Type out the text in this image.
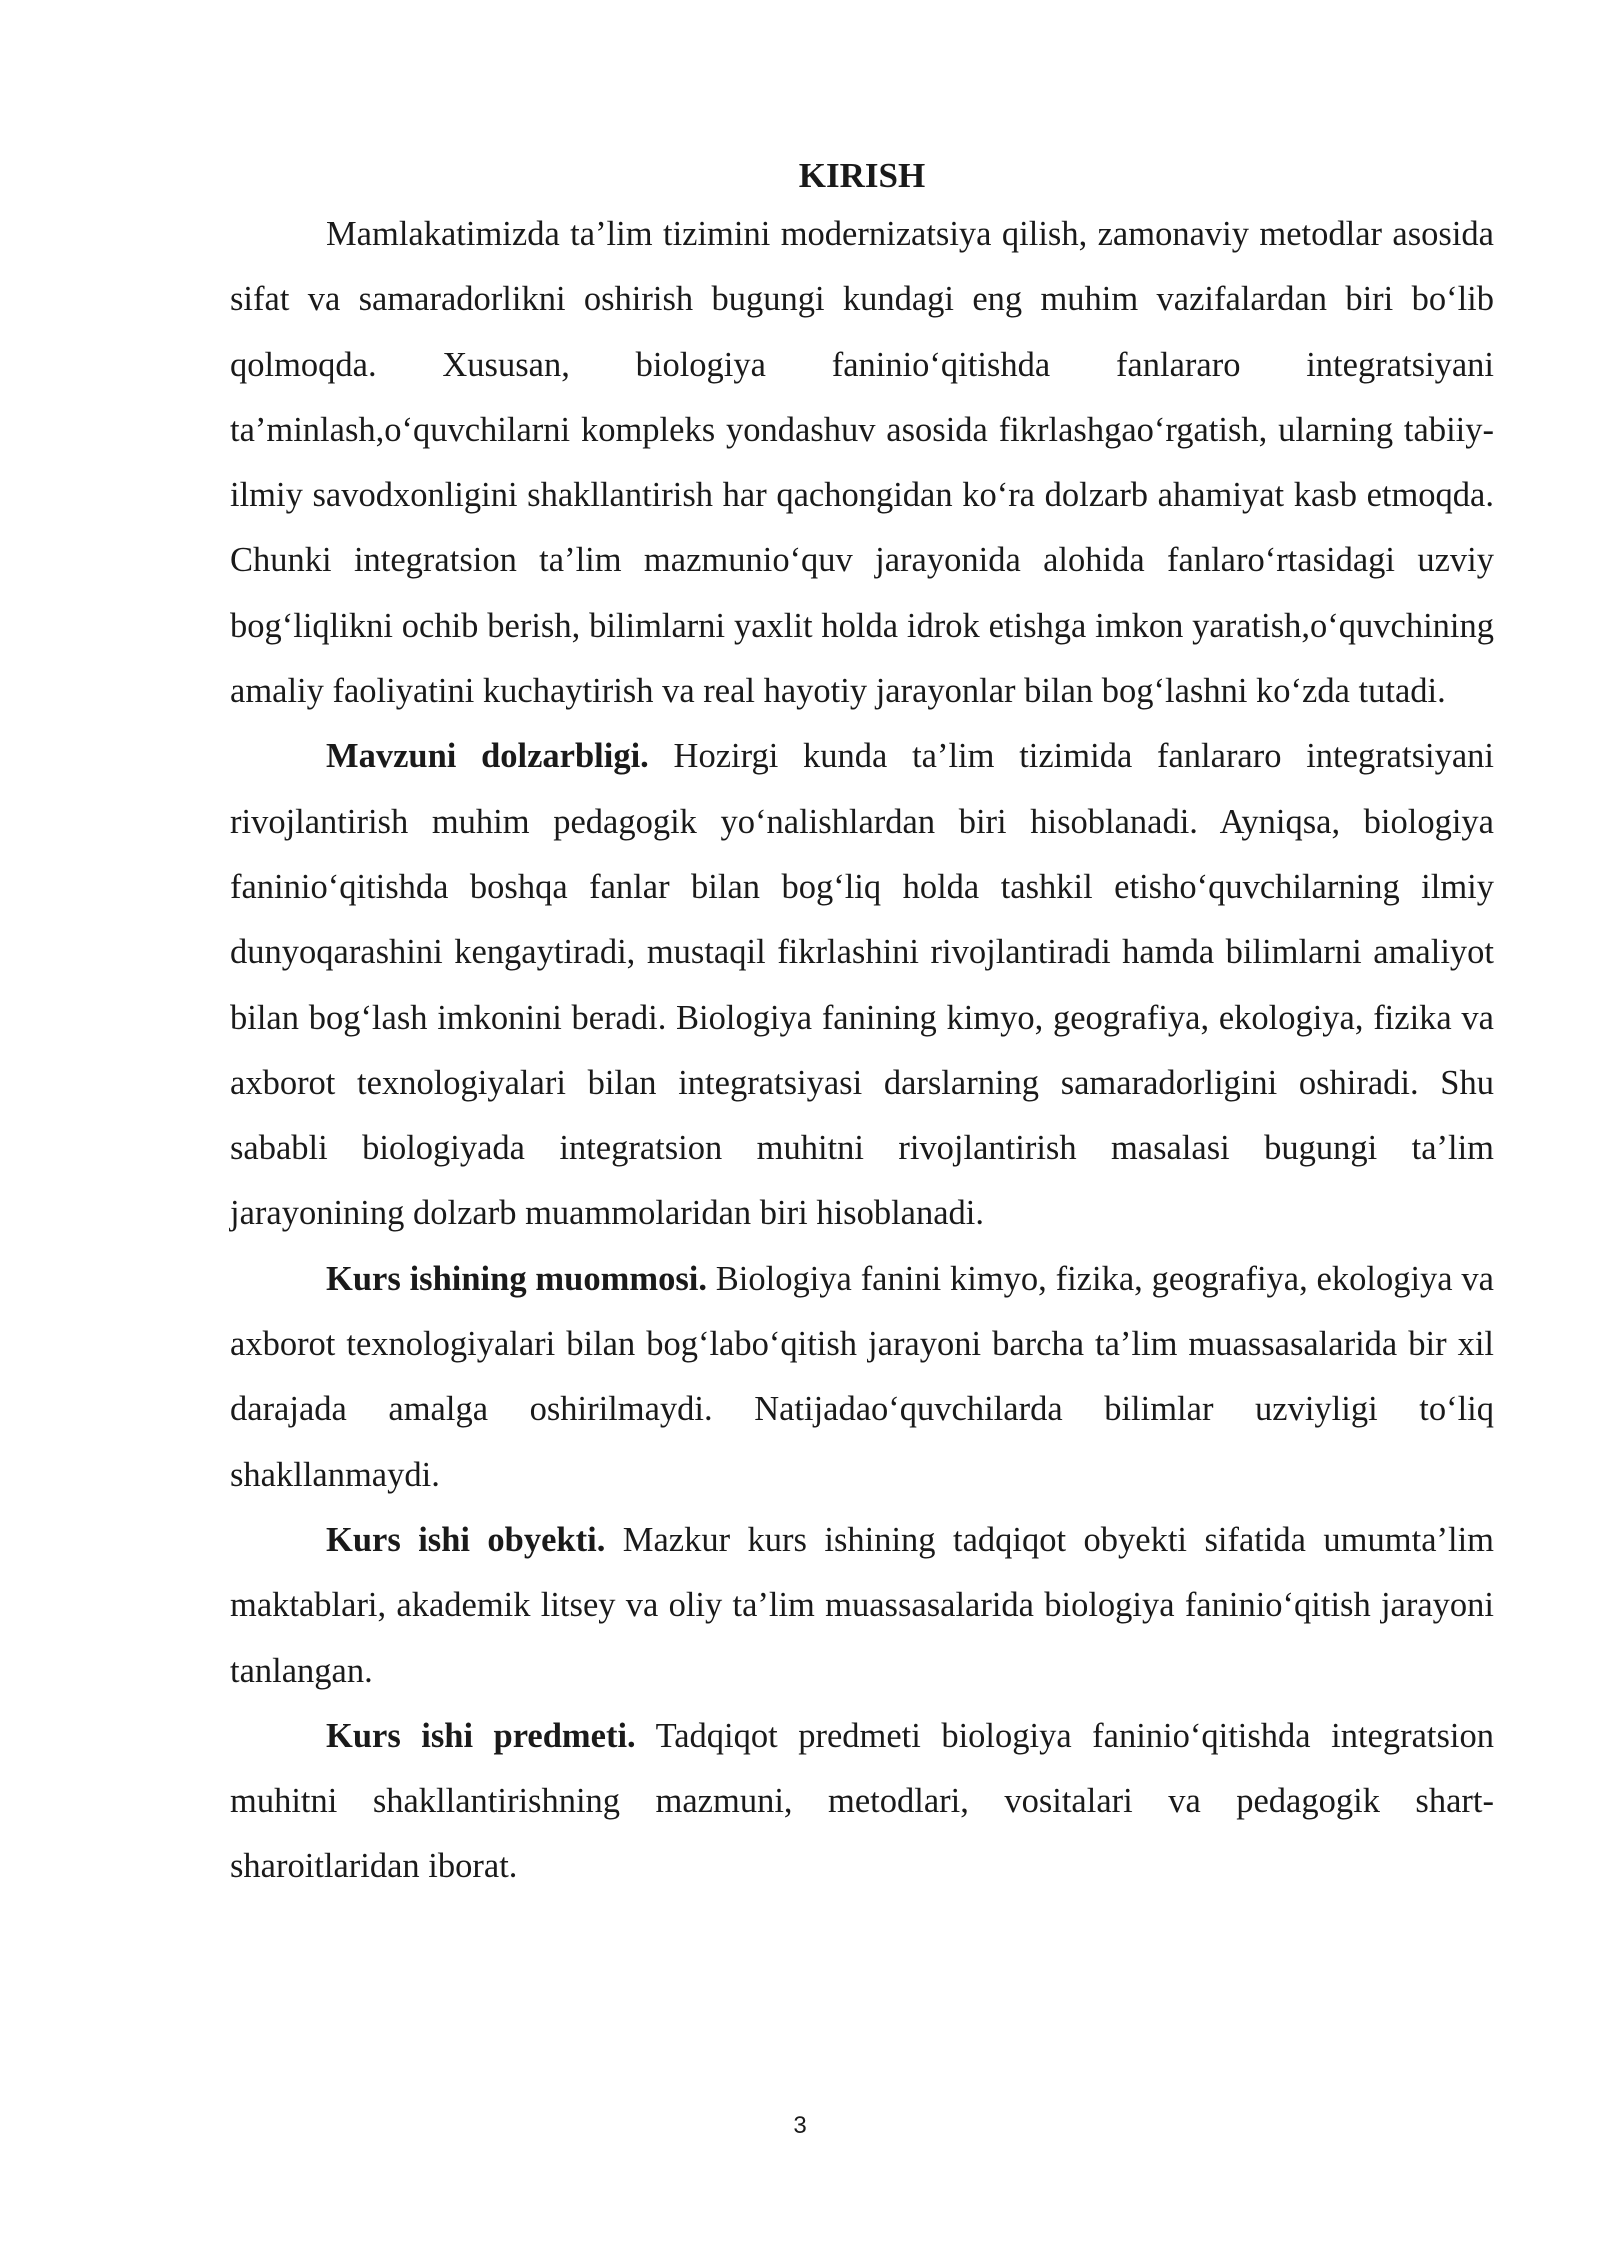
KIRISH

Mamlakatimizda ta’lim tizimini modernizatsiya qilish, zamonaviy metodlar asosida sifat va samaradorlikni oshirish bugungi kundagi eng muhim vazifalardan biri bo‘lib qolmoqda. Xususan, biologiya faninio‘qitishda fanlararo integratsiyani ta’minlash,o‘quvchilarni kompleks yondashuv asosida fikrlashgao‘rgatish, ularning tabiiy-ilmiy savodxonligini shakllantirish har qachongidan ko‘ra dolzarb ahamiyat kasb etmoqda. Chunki integratsion ta’lim mazmunio‘quv jarayonida alohida fanlaro‘rtasidagi uzviy bog‘liqlikni ochib berish, bilimlarni yaxlit holda idrok etishga imkon yaratish,o‘quvchining amaliy faoliyatini kuchaytirish va real hayotiy jarayonlar bilan bog‘lashni ko‘zda tutadi.

Mavzuni dolzarbligi. Hozirgi kunda ta’lim tizimida fanlararo integratsiyani rivojlantirish muhim pedagogik yo‘nalishlardan biri hisoblanadi. Ayniqsa, biologiya faninio‘qitishda boshqa fanlar bilan bog‘liq holda tashkil etisho‘quvchilarning ilmiy dunyoqarashini kengaytiradi, mustaqil fikrlashini rivojlantiradi hamda bilimlarni amaliyot bilan bog‘lash imkonini beradi. Biologiya fanining kimyo, geografiya, ekologiya, fizika va axborot texnologiyalari bilan integratsiyasi darslarning samaradorligini oshiradi. Shu sababli biologiyada integratsion muhitni rivojlantirish masalasi bugungi ta’lim jarayonining dolzarb muammolaridan biri hisoblanadi.

Kurs ishining muommosi. Biologiya fanini kimyo, fizika, geografiya, ekologiya va axborot texnologiyalari bilan bog‘labo‘qitish jarayoni barcha ta’lim muassasalarida bir xil darajada amalga oshirilmaydi. Natijadao‘quvchilarda bilimlar uzviyligi to‘liq shakllanmaydi.

Kurs ishi obyekti. Mazkur kurs ishining tadqiqot obyekti sifatida umumta’lim maktablari, akademik litsey va oliy ta’lim muassasalarida biologiya faninio‘qitish jarayoni tanlangan.

Kurs ishi predmeti. Tadqiqot predmeti biologiya faninio‘qitishda integratsion muhitni shakllantirishning mazmuni, metodlari, vositalari va pedagogik shart-sharoitlaridan iborat.

3
